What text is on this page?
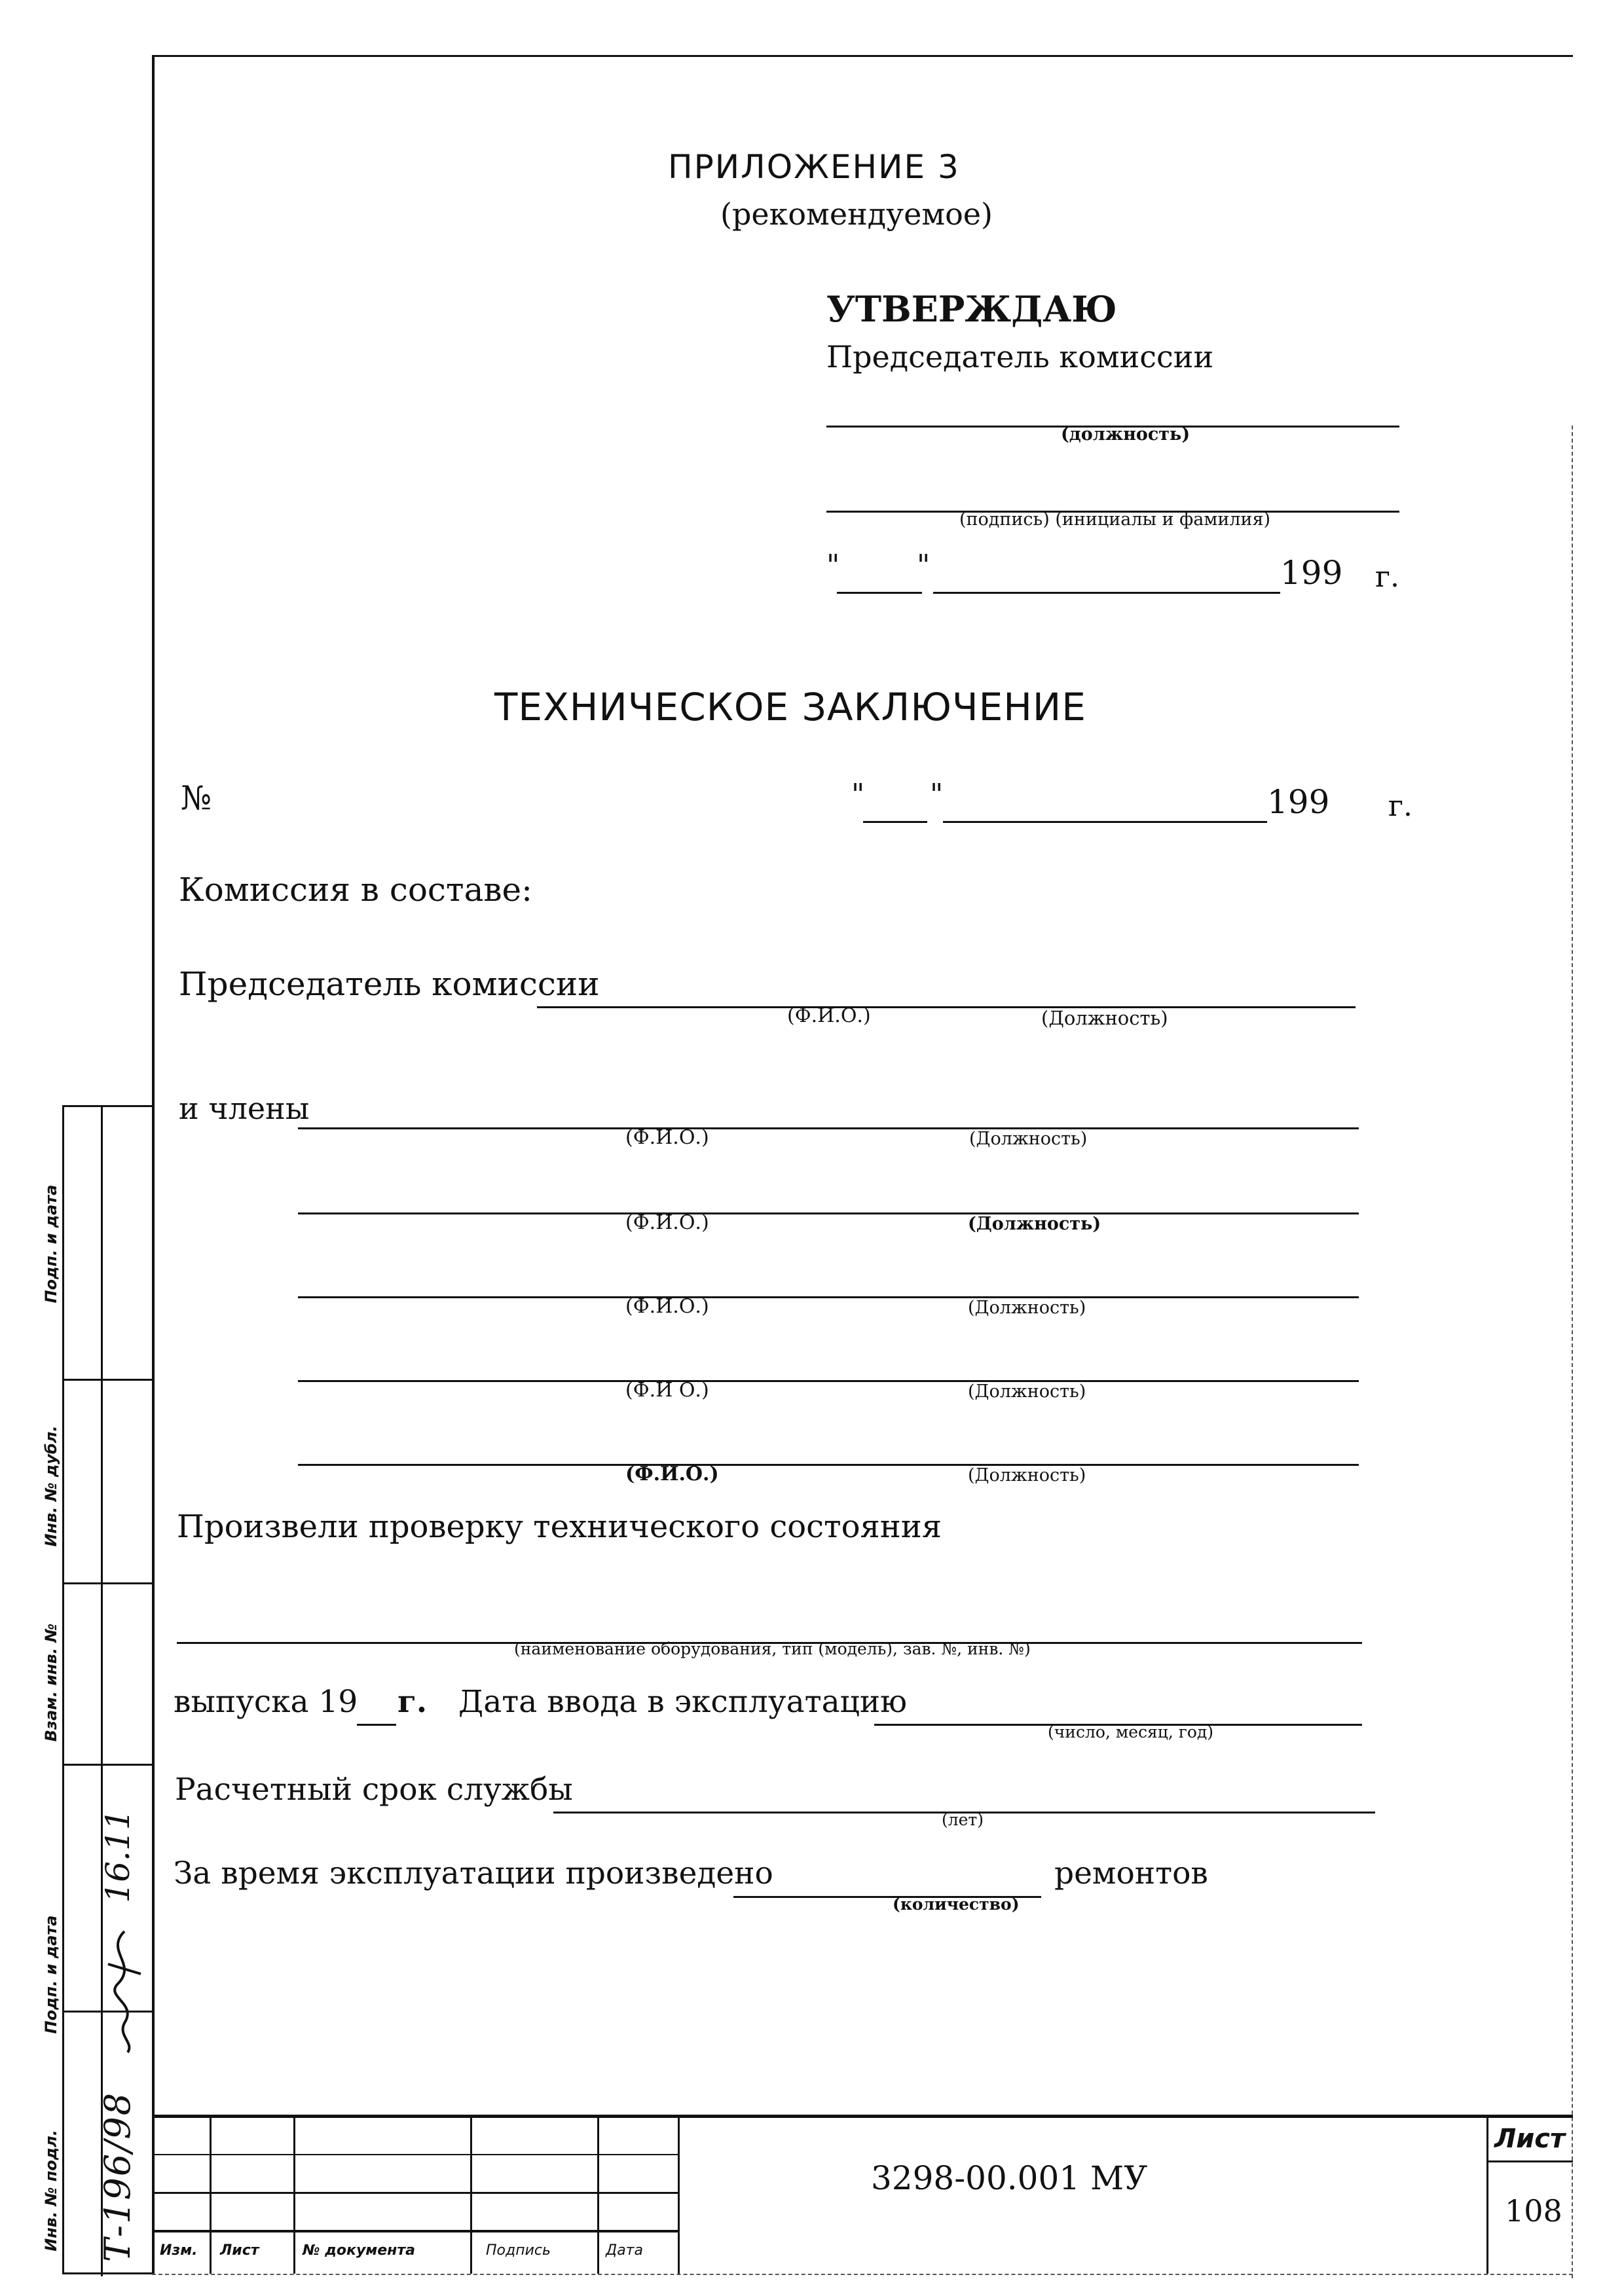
ПРИЛОЖЕНИЕ 3
(рекомендуемое)
УТВЕРЖДАЮ
Председатель комиссии
(должность)
(подпись) (инициалы и фамилия)
"	"	199 г.
ТЕХНИЧЕСКОЕ ЗАКЛЮЧЕНИЕ
№	" "	199 г.
Комиссия в составе:
Председатель комиссии
(Ф.И.О.)	(Должность)
и члены
(Ф.И.О.)	(Должность)
(Ф.И.О.)	(Должность)
(Ф.И.О.)	(Должность)
(Ф.И О.)	(Должность)
(Ф.И.О.)	(Должность)
Произвели проверку технического состояния
(наименование оборудования, тип (модель), зав. №, инв. №)
выпуска 19 г. Дата ввода в эксплуатацию
(число, месяц, год)
Расчетный срок службы
(лет)
За время эксплуатации произведено	ремонтов
(количество)
Инв. № подл.
Подп. и дата
Взам. инв. №
Инв. № дубл.
Подп. и дата
Т-196/98
16.11
Изм. Лист	№ документа	Подпись	Дата
3298-00.001 МУ
Лист
108
